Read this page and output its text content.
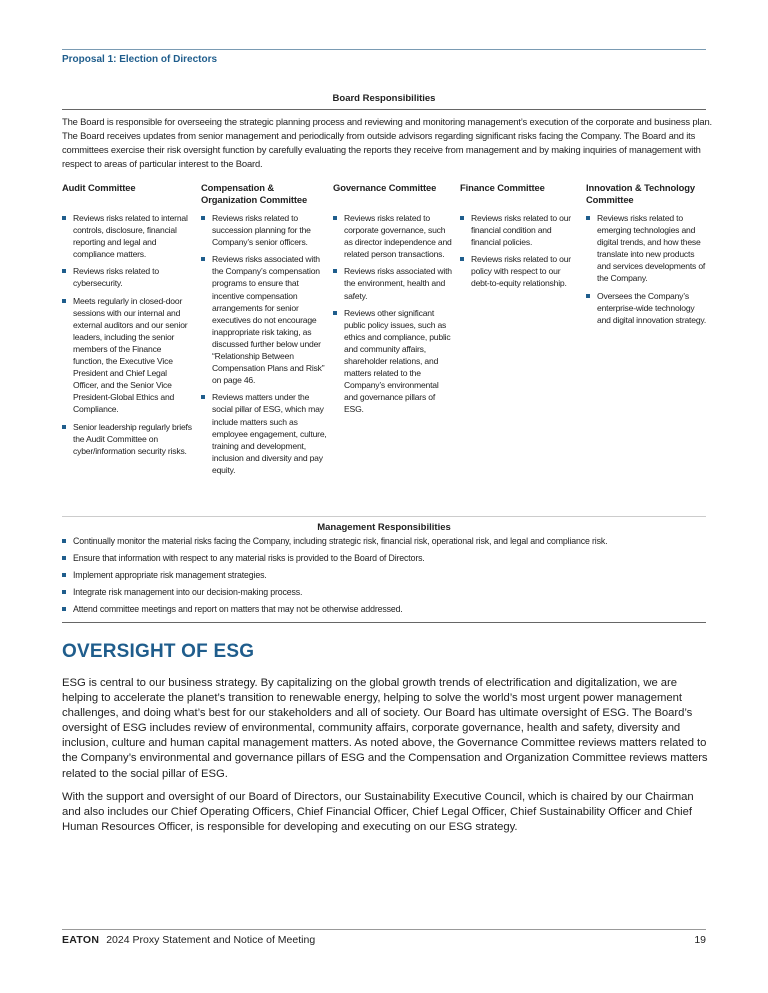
Proposal 1: Election of Directors
Board Responsibilities

The Board is responsible for overseeing the strategic planning process and reviewing and monitoring management’s execution of the corporate and business plan. The Board receives updates from senior management and periodically from outside advisors regarding significant risks facing the Company. The Board and its committees exercise their risk oversight function by carefully evaluating the reports they receive from management and by making inquiries of management with respect to areas of particular interest to the Board.

Audit Committee
Reviews risks related to internal controls, disclosure, financial reporting and legal and compliance matters.
Reviews risks related to cybersecurity.
Meets regularly in closed-door sessions with our internal and external auditors and our senior leaders, including the senior members of the Finance function, the Executive Vice President and Chief Legal Officer, and the Senior Vice President-Global Ethics and Compliance.
Senior leadership regularly briefs the Audit Committee on cyber/information security risks.
Compensation & Organization Committee
Reviews risks related to succession planning for the Company’s senior officers.
Reviews risks associated with the Company’s compensation programs to ensure that incentive compensation arrangements for senior executives do not encourage inappropriate risk taking, as discussed further below under “Relationship Between Compensation Plans and Risk” on page 46.
Reviews matters under the social pillar of ESG, which may include matters such as employee engagement, culture, training and development, inclusion and diversity and pay equity.
Governance Committee
Reviews risks related to corporate governance, such as director independence and related person transactions.
Reviews risks associated with the environment, health and safety.
Reviews other significant public policy issues, such as ethics and compliance, public and community affairs, shareholder relations, and matters related to the Company’s environmental and governance pillars of ESG.
Finance Committee
Reviews risks related to our financial condition and financial policies.
Reviews risks related to our policy with respect to our debt-to-equity relationship.
Innovation & Technology Committee
Reviews risks related to emerging technologies and digital trends, and how these translate into new products and services developments of the Company.
Oversees the Company’s enterprise-wide technology and digital innovation strategy.
Management Responsibilities
Continually monitor the material risks facing the Company, including strategic risk, financial risk, operational risk, and legal and compliance risk.
Ensure that information with respect to any material risks is provided to the Board of Directors.
Implement appropriate risk management strategies.
Integrate risk management into our decision-making process.
Attend committee meetings and report on matters that may not be otherwise addressed.
OVERSIGHT OF ESG

ESG is central to our business strategy. By capitalizing on the global growth trends of electrification and digitalization, we are helping to accelerate the planet’s transition to renewable energy, helping to solve the world’s most urgent power management challenges, and doing what’s best for our stakeholders and all of society. Our Board has ultimate oversight of ESG. The Board’s oversight of ESG includes review of environmental, community affairs, corporate governance, health and safety, diversity and inclusion, culture and human capital management matters. As noted above, the Governance Committee reviews matters related to the Company’s environmental and governance pillars of ESG and the Compensation and Organization Committee reviews matters related to the social pillar of ESG.

With the support and oversight of our Board of Directors, our Sustainability Executive Council, which is chaired by our Chairman and also includes our Chief Operating Officers, Chief Financial Officer, Chief Legal Officer, Chief Sustainability Officer and Chief Human Resources Officer, is responsible for developing and executing on our ESG strategy.

EATON 2024 Proxy Statement and Notice of Meeting	19
